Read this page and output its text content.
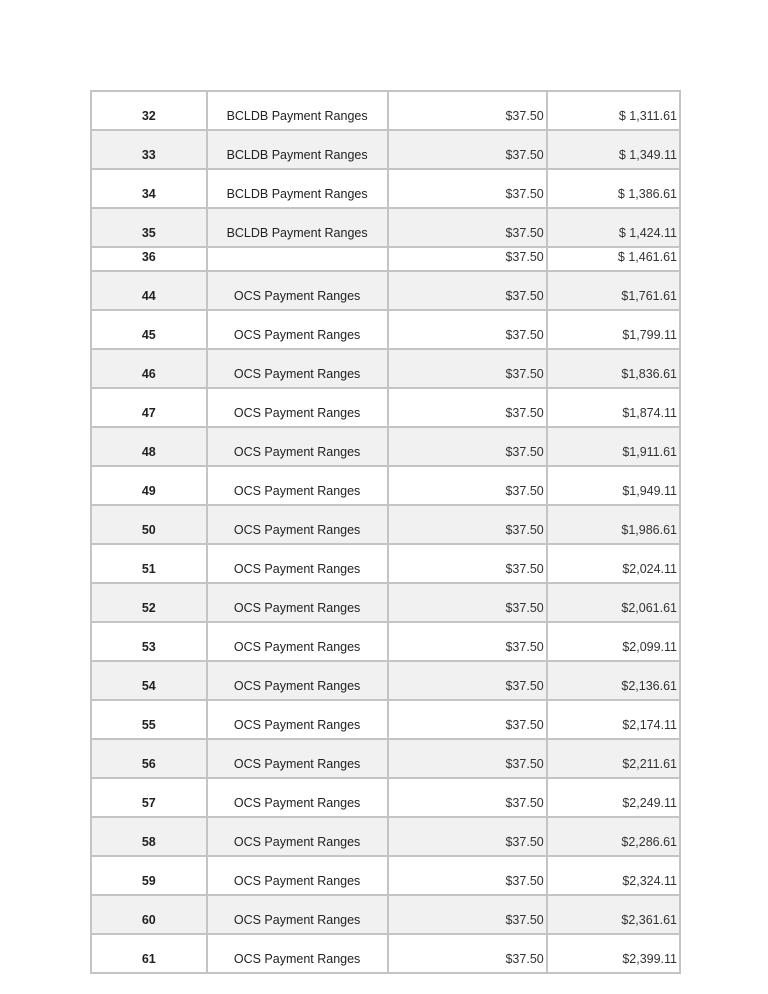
32	BCLDB Payment Ranges	$37.50	$ 1,311.61
33	BCLDB Payment Ranges	$37.50	$ 1,349.11
34	BCLDB Payment Ranges	$37.50	$ 1,386.61
35	BCLDB Payment Ranges	$37.50	$ 1,424.11
36		$37.50	$ 1,461.61
44	OCS Payment Ranges	$37.50	$1,761.61
45	OCS Payment Ranges	$37.50	$1,799.11
46	OCS Payment Ranges	$37.50	$1,836.61
47	OCS Payment Ranges	$37.50	$1,874.11
48	OCS Payment Ranges	$37.50	$1,911.61
49	OCS Payment Ranges	$37.50	$1,949.11
50	OCS Payment Ranges	$37.50	$1,986.61
51	OCS Payment Ranges	$37.50	$2,024.11
52	OCS Payment Ranges	$37.50	$2,061.61
53	OCS Payment Ranges	$37.50	$2,099.11
54	OCS Payment Ranges	$37.50	$2,136.61
55	OCS Payment Ranges	$37.50	$2,174.11
56	OCS Payment Ranges	$37.50	$2,211.61
57	OCS Payment Ranges	$37.50	$2,249.11
58	OCS Payment Ranges	$37.50	$2,286.61
59	OCS Payment Ranges	$37.50	$2,324.11
60	OCS Payment Ranges	$37.50	$2,361.61
61	OCS Payment Ranges	$37.50	$2,399.11
